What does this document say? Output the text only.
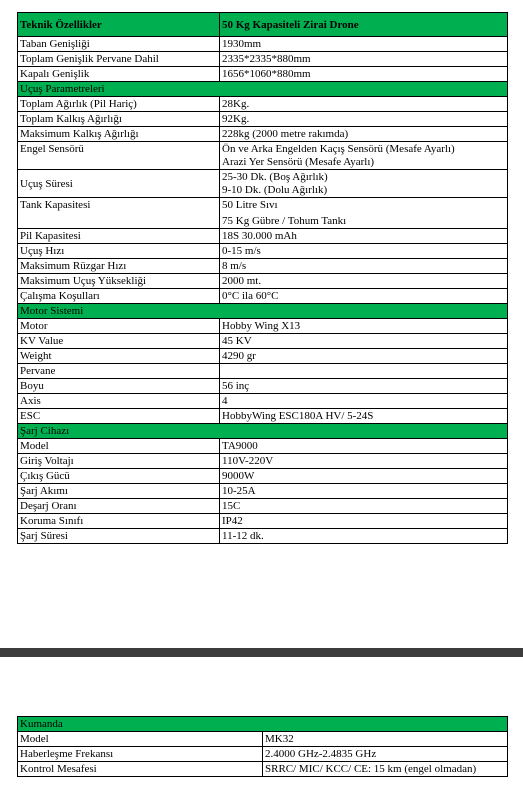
Teknik Özellikler	50 Kg Kapasiteli Zirai Drone
Taban Genişliği	1930mm

Toplam Genişlik Pervane Dahil	2335*2335*880mm

Kapalı Genişlik	1656*1060*880mm

Uçuş Parametreleri	
Toplam Ağırlık (Pil Hariç)	28Kg.

Toplam Kalkış Ağırlığı	92Kg.

Maksimum Kalkış Ağırlığı	228kg (2000 metre rakımda)

Engel Sensörü	Ön ve Arka Engelden Kaçış Sensörü (Mesafe Ayarlı)
Arazi Yer Sensörü (Mesafe Ayarlı)

Uçuş Süresi	25-30 Dk. (Boş Ağırlık)
9-10 Dk. (Dolu Ağırlık)

Tank Kapasitesi	50 Litre Sıvı
75 Kg Gübre / Tohum Tankı

Pil Kapasitesi	18S 30.000 mAh

Uçuş Hızı	0-15 m/s

Maksimum Rüzgar Hızı	8 m/s

Maksimum Uçuş Yüksekliği	2000 mt.

Çalışma Koşulları	0°C ila 60°C

Motor Sistemi	
Motor	Hobby Wing X13

KV Value	45 KV

Weight	4290 gr

Pervane	

Boyu	56 inç

Axis	4

ESC	HobbyWing ESC180A HV/ 5-24S

Şarj Cihazı	
Model	TA9000

Giriş Voltajı	110V-220V

Çıkış Gücü	9000W

Şarj Akımı	10-25A

Deşarj Oranı	15C

Koruma Sınıfı	IP42

Şarj Süresi	11-12 dk.
Kumanda	
Model	MK32

Haberleşme Frekansı	2.4000 GHz-2.4835 GHz

Kontrol Mesafesi	SRRC/ MIC/ KCC/ CE: 15 km (engel olmadan)
